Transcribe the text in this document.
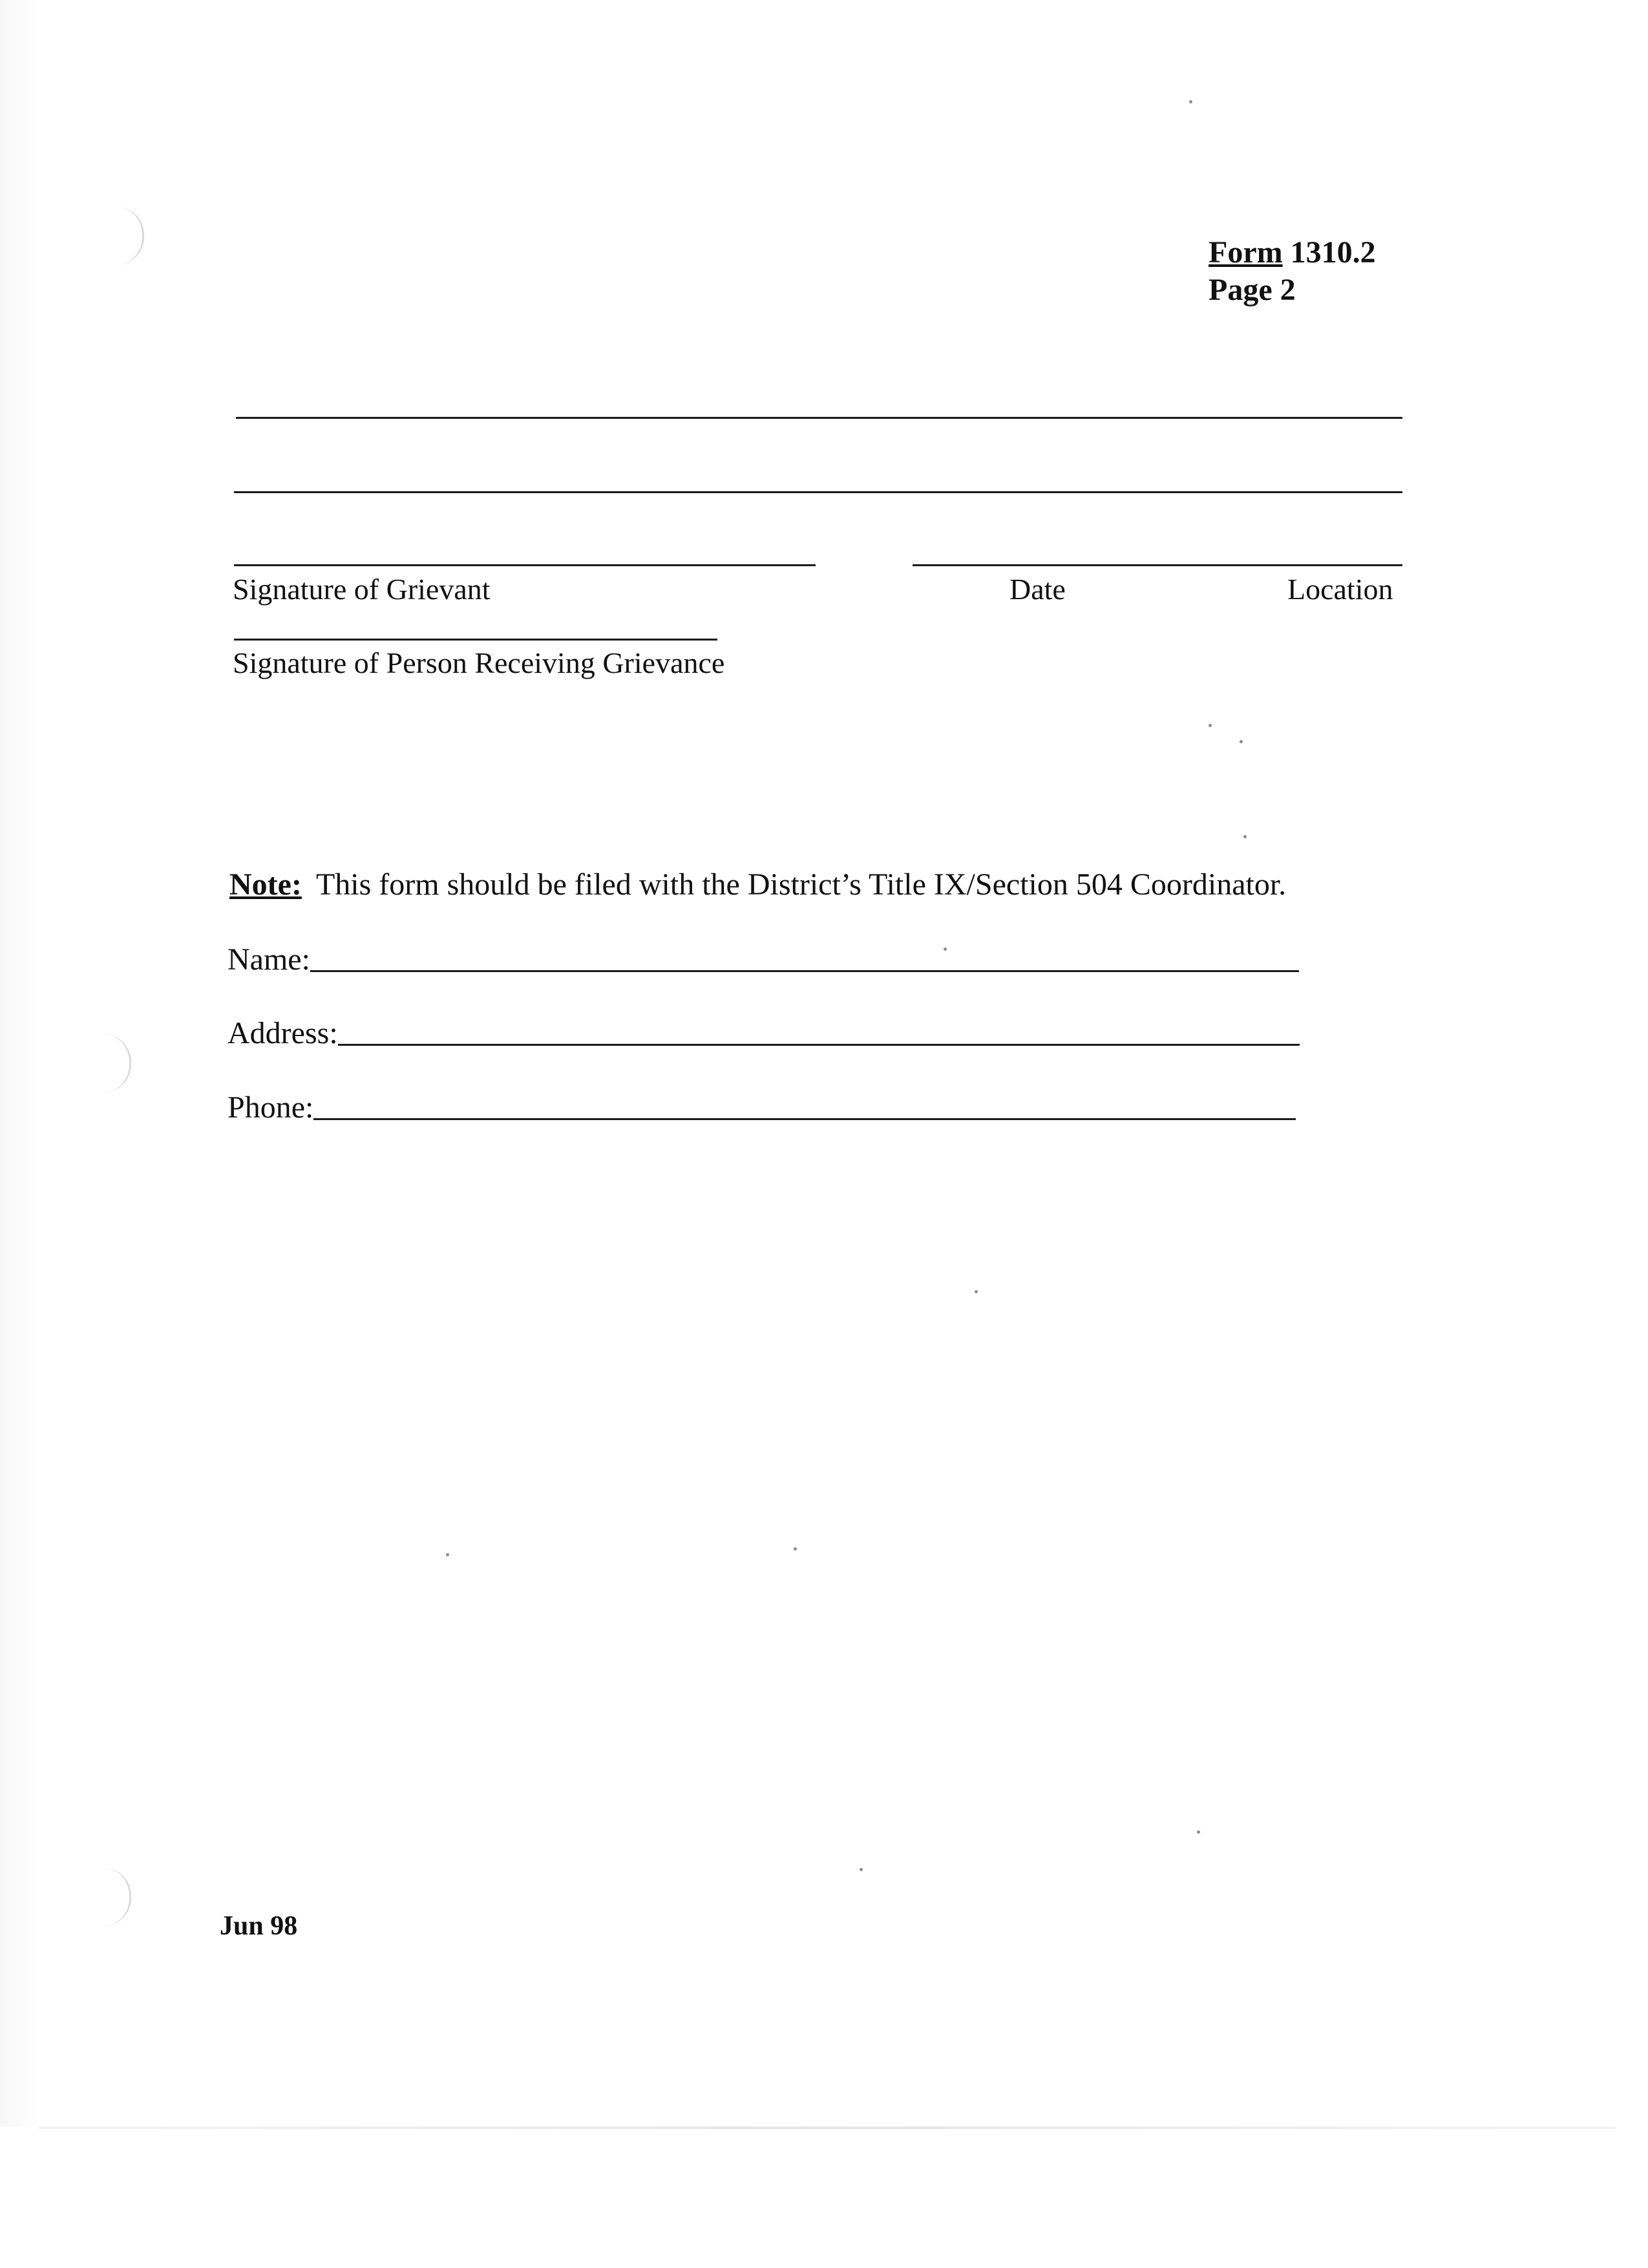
Form 1310.2
Page 2
Signature of Grievant	Date	Location
Signature of Person Receiving Grievance
Note: This form should be filed with the District’s Title IX/Section 504 Coordinator.
Name:
Address:
Phone:
Jun 98
